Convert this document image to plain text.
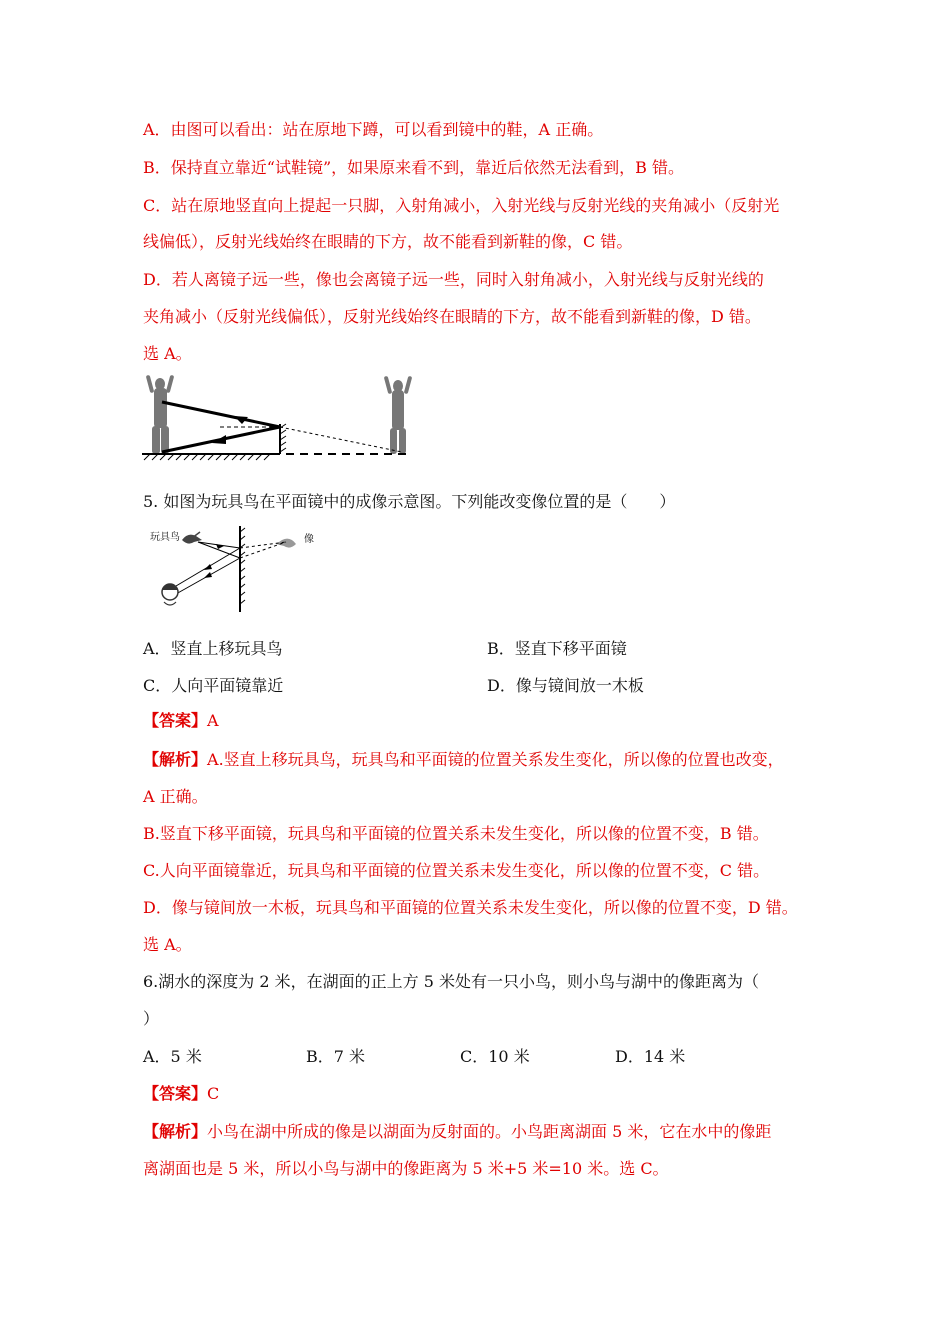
A．由图可以看出：站在原地下蹲，可以看到镜中的鞋，A 正确。
B．保持直立靠近“试鞋镜”，如果原来看不到，靠近后依然无法看到，B 错。
C．站在原地竖直向上提起一只脚，入射角减小，入射光线与反射光线的夹角减小（反射光
线偏低），反射光线始终在眼睛的下方，故不能看到新鞋的像，C 错。
D．若人离镜子远一些，像也会离镜子远一些，同时入射角减小，入射光线与反射光线的
夹角减小（反射光线偏低），反射光线始终在眼睛的下方，故不能看到新鞋的像，D 错。
选 A。
5. 如图为玩具鸟在平面镜中的成像示意图。下列能改变像位置的是（　　）
玩具鸟	像
A．竖直上移玩具鸟	B．竖直下移平面镜
C．人向平面镜靠近	D．像与镜间放一木板
【答案】A
【解析】A.竖直上移玩具鸟，玩具鸟和平面镜的位置关系发生变化，所以像的位置也改变，
A 正确。
B.竖直下移平面镜，玩具鸟和平面镜的位置关系未发生变化，所以像的位置不变，B 错。
C.人向平面镜靠近，玩具鸟和平面镜的位置关系未发生变化，所以像的位置不变，C 错。
D．像与镜间放一木板，玩具鸟和平面镜的位置关系未发生变化，所以像的位置不变，D 错。
选 A。
6.湖水的深度为 2 米，在湖面的正上方 5 米处有一只小鸟，则小鸟与湖中的像距离为（
）
A．5 米	B．7 米	C．10 米	D．14 米
【答案】C
【解析】小鸟在湖中所成的像是以湖面为反射面的。小鸟距离湖面 5 米，它在水中的像距
离湖面也是 5 米，所以小鸟与湖中的像距离为 5 米+5 米=10 米。选 C。
